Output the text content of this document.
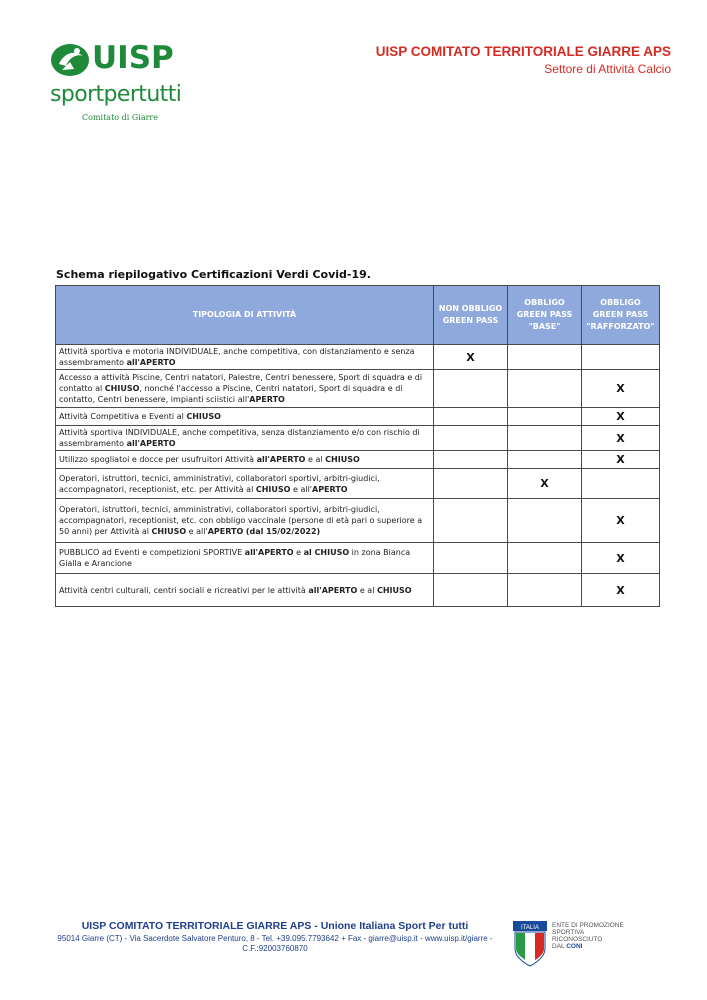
UISP
sportpertutti
Comitato di Giarre
UISP COMITATO TERRITORIALE GIARRE APS
Settore di Attività Calcio
Schema riepilogativo Certificazioni Verdi Covid-19.
TIPOLOGIA DI ATTIVITÀ	NON OBBLIGO GREEN PASS	OBBLIGO GREEN PASS "BASE"	OBBLIGO GREEN PASS "RAFFORZATO"
Attività sportiva e motoria INDIVIDUALE, anche competitiva, con distanziamento e senza assembramento all'APERTO	X		
Accesso a attività Piscine, Centri natatori, Palestre, Centri benessere, Sport di squadra e di contatto al CHIUSO, nonché l'accesso a Piscine, Centri natatori, Sport di squadra e di contatto, Centri benessere, impianti sciistici all'APERTO			X
Attività Competitiva e Eventi al CHIUSO			X
Attività sportiva INDIVIDUALE, anche competitiva, senza distanziamento e/o con rischio di assembramento all'APERTO			X
Utilizzo spogliatoi e docce per usufruitori Attività all'APERTO e al CHIUSO			X
Operatori, istruttori, tecnici, amministrativi, collaboratori sportivi, arbitri-giudici, accompagnatori, receptionist, etc. per Attività al CHIUSO e all'APERTO		X	
Operatori, istruttori, tecnici, amministrativi, collaboratori sportivi, arbitri-giudici, accompagnatori, receptionist, etc. con obbligo vaccinale (persone di età pari o superiore a 50 anni) per Attività al CHIUSO e all'APERTO (dal 15/02/2022)			X
PUBBLICO ad Eventi e competizioni SPORTIVE all'APERTO e al CHIUSO in zona Bianca Gialla e Arancione			X
Attività centri culturali, centri sociali e ricreativi per le attività all'APERTO e al CHIUSO			X
UISP COMITATO TERRITORIALE GIARRE APS - Unione Italiana Sport Per tutti
95014 Giarre (CT) - Via Sacerdote Salvatore Penturo, 8 - Tel. +39.095.7793642 + Fax - giarre@uisp.it - www.uisp.it/giarre -
C.F.:92003760870
ITALIA ENTE DI PROMOZIONE
SPORTIVA
RICONOSCIUTO
DAL CONI
